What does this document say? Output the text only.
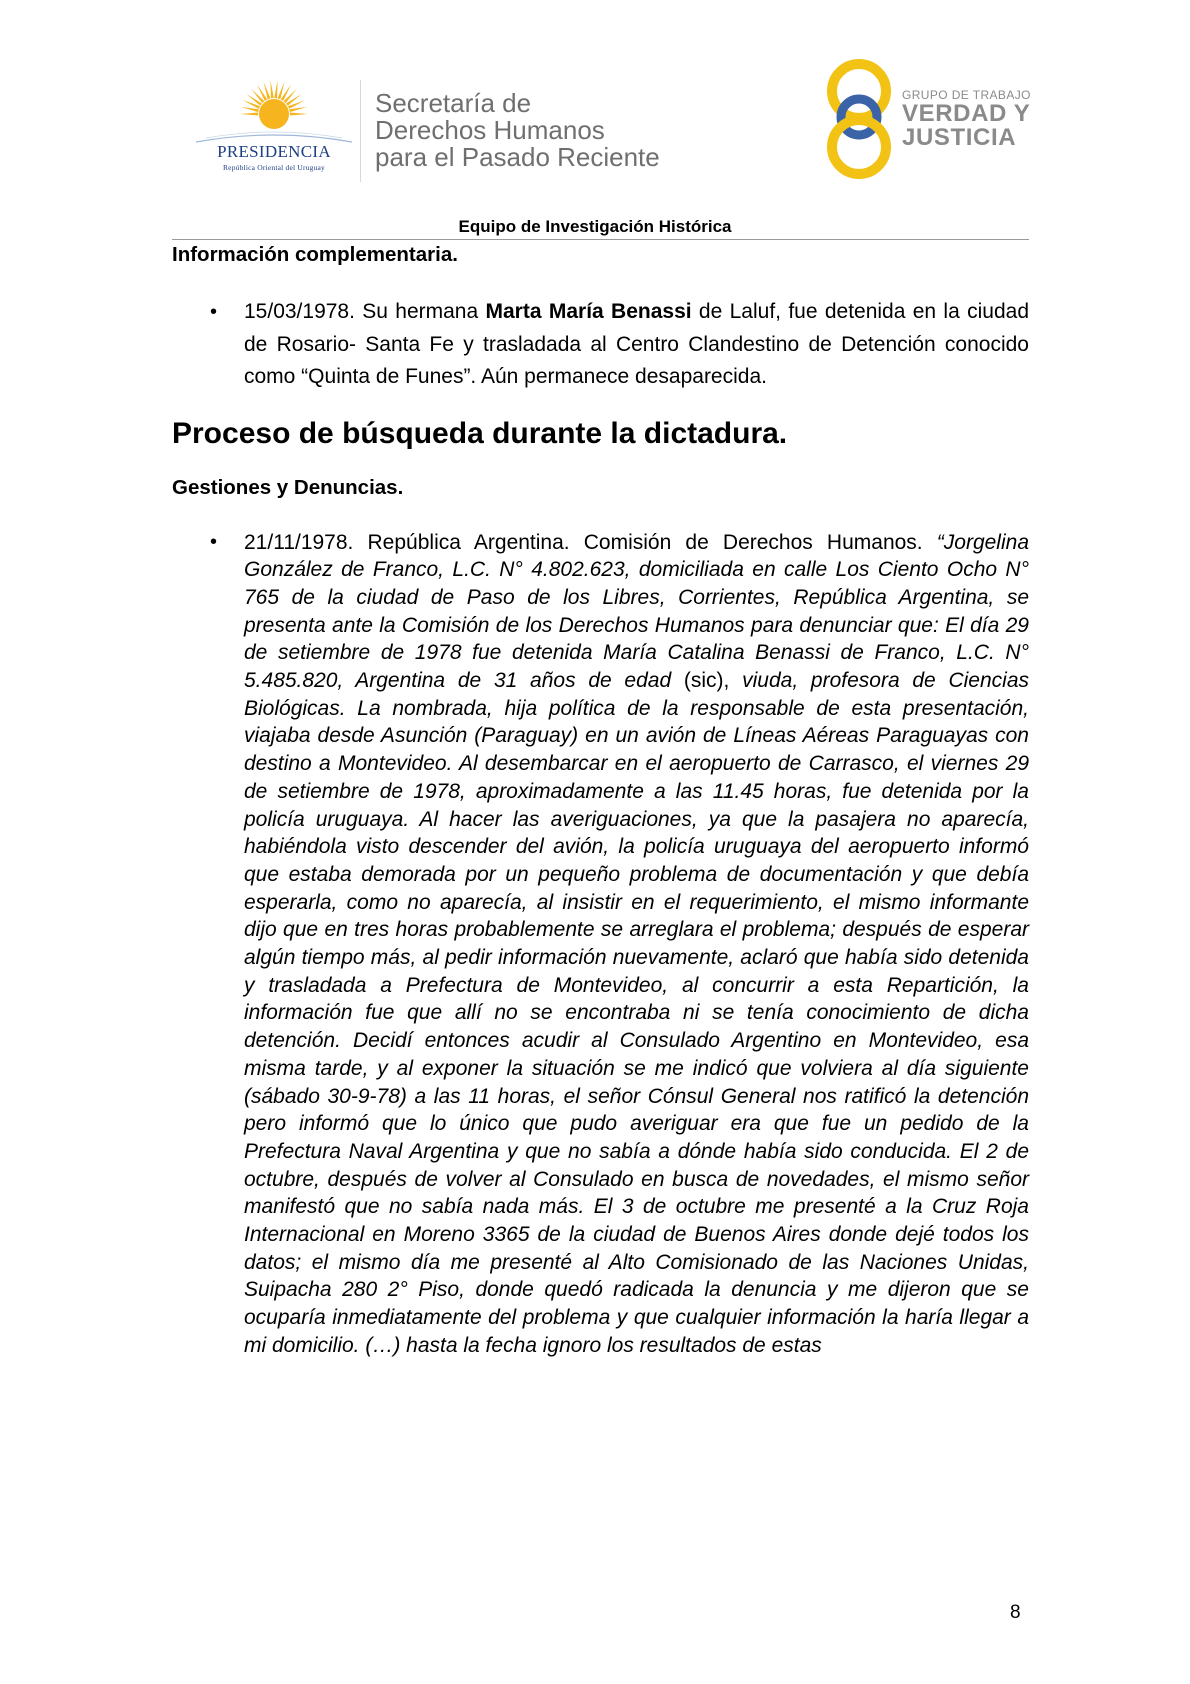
PRESIDENCIA
República Oriental del Uruguay
Secretaría de
Derechos Humanos
para el Pasado Reciente
GRUPO DE TRABAJO
VERDAD Y
JUSTICIA
Equipo de Investigación Histórica
Información complementaria.
• 15/03/1978. Su hermana Marta María Benassi de Laluf, fue detenida en la ciudad de Rosario- Santa Fe y trasladada al Centro Clandestino de Detención conocido como “Quinta de Funes”. Aún permanece desaparecida.
Proceso de búsqueda durante la dictadura.
Gestiones y Denuncias.
• 21/11/1978. República Argentina. Comisión de Derechos Humanos. “Jorgelina González de Franco, L.C. N° 4.802.623, domiciliada en calle Los Ciento Ocho N° 765 de la ciudad de Paso de los Libres, Corrientes, República Argentina, se presenta ante la Comisión de los Derechos Humanos para denunciar que: El día 29 de setiembre de 1978 fue detenida María Catalina Benassi de Franco, L.C. N° 5.485.820, Argentina de 31 años de edad (sic), viuda, profesora de Ciencias Biológicas. La nombrada, hija política de la responsable de esta presentación, viajaba desde Asunción (Paraguay) en un avión de Líneas Aéreas Paraguayas con destino a Montevideo. Al desembarcar en el aeropuerto de Carrasco, el viernes 29 de setiembre de 1978, aproximadamente a las 11.45 horas, fue detenida por la policía uruguaya. Al hacer las averiguaciones, ya que la pasajera no aparecía, habiéndola visto descender del avión, la policía uruguaya del aeropuerto informó que estaba demorada por un pequeño problema de documentación y que debía esperarla, como no aparecía, al insistir en el requerimiento, el mismo informante dijo que en tres horas probablemente se arreglara el problema; después de esperar algún tiempo más, al pedir información nuevamente, aclaró que había sido detenida y trasladada a Prefectura de Montevideo, al concurrir a esta Repartición, la información fue que allí no se encontraba ni se tenía conocimiento de dicha detención. Decidí entonces acudir al Consulado Argentino en Montevideo, esa misma tarde, y al exponer la situación se me indicó que volviera al día siguiente (sábado 30-9-78) a las 11 horas, el señor Cónsul General nos ratificó la detención pero informó que lo único que pudo averiguar era que fue un pedido de la Prefectura Naval Argentina y que no sabía a dónde había sido conducida. El 2 de octubre, después de volver al Consulado en busca de novedades, el mismo señor manifestó que no sabía nada más. El 3 de octubre me presenté a la Cruz Roja Internacional en Moreno 3365 de la ciudad de Buenos Aires donde dejé todos los datos; el mismo día me presenté al Alto Comisionado de las Naciones Unidas, Suipacha 280 2° Piso, donde quedó radicada la denuncia y me dijeron que se ocuparía inmediatamente del problema y que cualquier información la haría llegar a mi domicilio. (…) hasta la fecha ignoro los resultados de estas
8
